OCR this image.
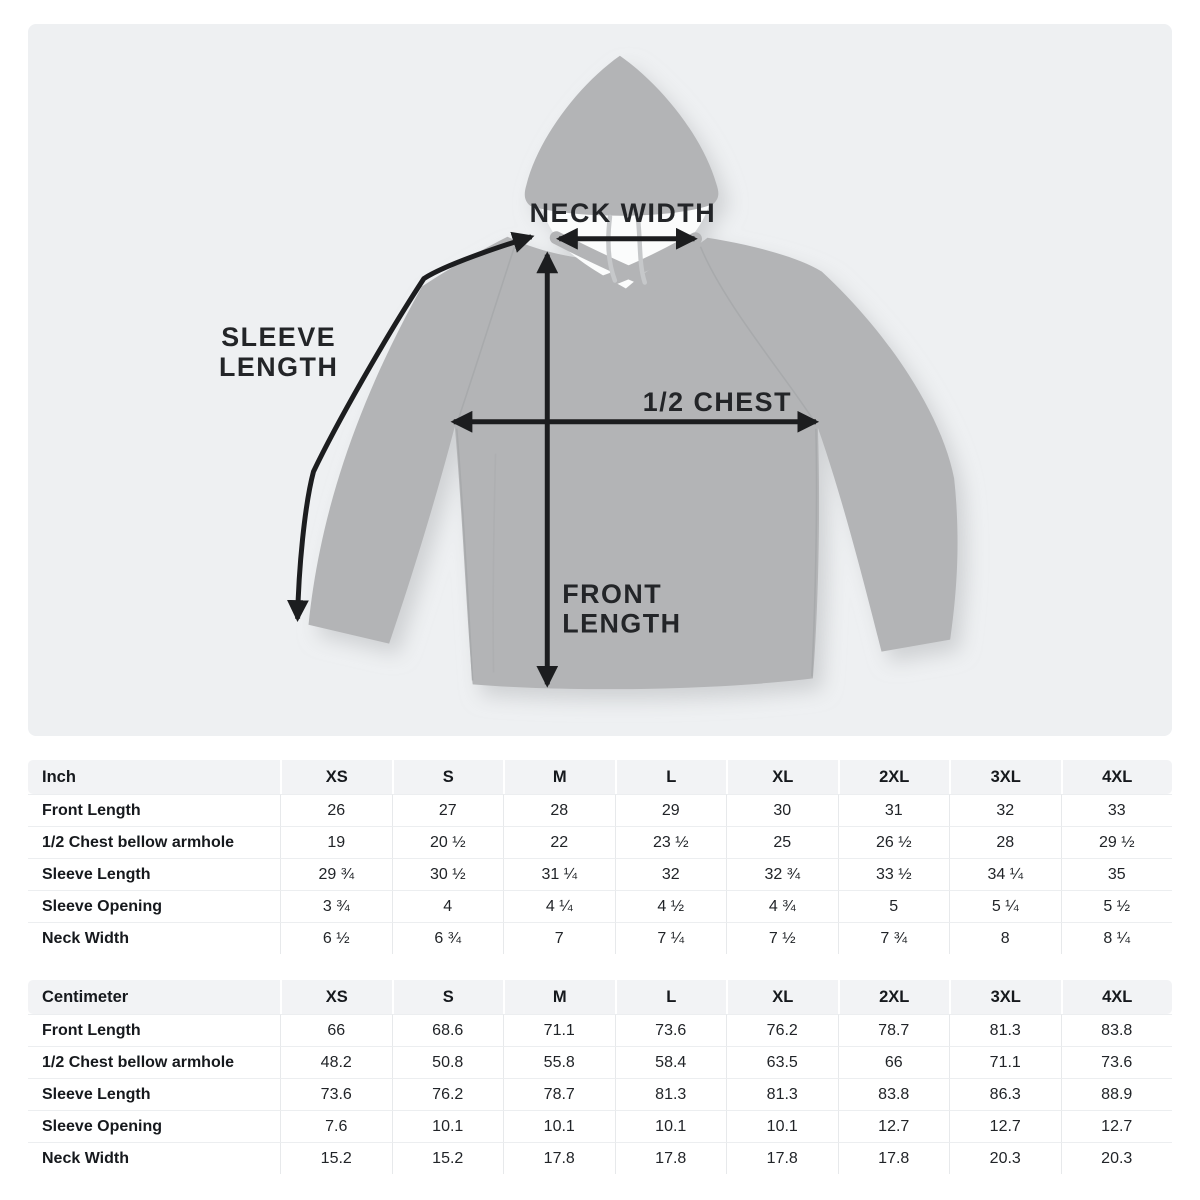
NECK WIDTH
SLEEVE
LENGTH
1/2 CHEST
FRONT
LENGTH
Inch	XS	S	M	L	XL	2XL	3XL	4XL
Front Length	26	27	28	29	30	31	32	33
1/2 Chest bellow armhole	19	20 ½	22	23 ½	25	26 ½	28	29 ½
Sleeve Length	29 ¾	30 ½	31 ¼	32	32 ¾	33 ½	34 ¼	35
Sleeve Opening	3 ¾	4	4 ¼	4 ½	4 ¾	5	5 ¼	5 ½
Neck Width	6 ½	6 ¾	7	7 ¼	7 ½	7 ¾	8	8 ¼
Centimeter	XS	S	M	L	XL	2XL	3XL	4XL
Front Length	66	68.6	71.1	73.6	76.2	78.7	81.3	83.8
1/2 Chest bellow armhole	48.2	50.8	55.8	58.4	63.5	66	71.1	73.6
Sleeve Length	73.6	76.2	78.7	81.3	81.3	83.8	86.3	88.9
Sleeve Opening	7.6	10.1	10.1	10.1	10.1	12.7	12.7	12.7
Neck Width	15.2	15.2	17.8	17.8	17.8	17.8	20.3	20.3
